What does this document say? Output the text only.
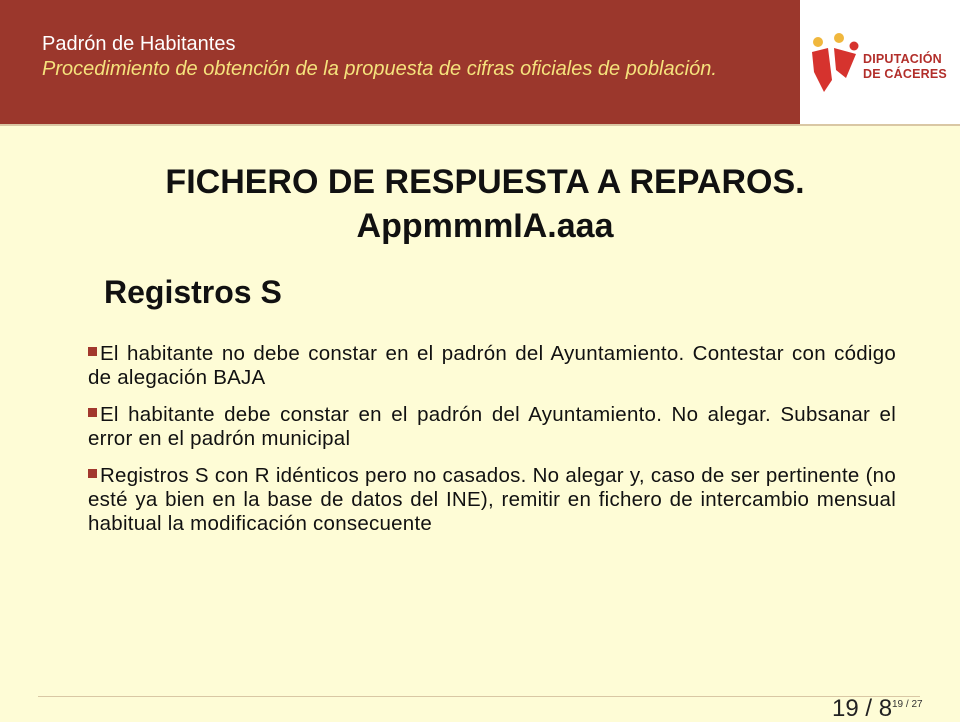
Padrón de Habitantes
Procedimiento de obtención de la propuesta de cifras oficiales de población.	DIPUTACIÓN
DE CÁCERES
FICHERO DE RESPUESTA A REPAROS.
AppmmmIA.aaa
Registros S
El habitante no debe constar en el padrón del Ayuntamiento. Contestar con código de alegación BAJA
El habitante debe constar en el padrón del Ayuntamiento. No alegar. Subsanar el error en el padrón municipal
Registros S con R idénticos pero no casados. No alegar y, caso de ser pertinente (no esté ya bien en la base de datos del INE), remitir en fichero de intercambio mensual habitual la modificación consecuente
19 / 8 19 / 27
